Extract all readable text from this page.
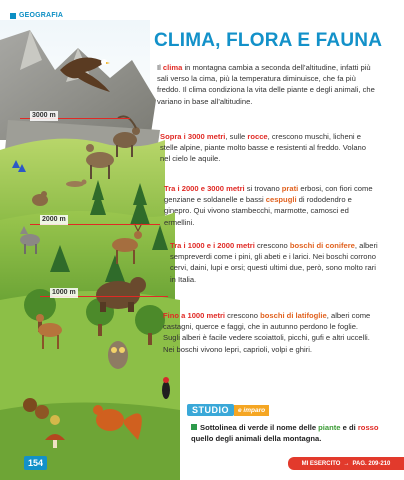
GEOGRAFIA
CLIMA, FLORA E FAUNA
3000 m
2000 m
1000 m
Il clima in montagna cambia a seconda dell’altitudine, infatti più sali verso la cima, più la temperatura diminuisce, che fa più freddo. Il clima condiziona la vita delle piante e degli animali, che variano in base all’altitudine.
Sopra i 3000 metri, sulle rocce, crescono muschi, licheni e stelle alpine, piante molto basse e resistenti al freddo. Volano nel cielo le aquile.
Tra i 2000 e 3000 metri si trovano prati erbosi, con fiori come genziane e soldanelle e bassi cespugli di rododendro e ginepro. Qui vivono stambecchi, marmotte, camosci ed ermellini.
Tra i 1000 e i 2000 metri crescono boschi di conifere, alberi sempreverdi come i pini, gli abeti e i larici. Nei boschi corrono cervi, daini, lupi e orsi; questi ultimi due, però, sono molto rari in Italia.
Fino a 1000 metri crescono boschi di latifoglie, alberi come castagni, querce e faggi, che in autunno perdono le foglie. Sugli alberi è facile vedere scoiattoli, picchi, gufi e altri uccelli. Nei boschi vivono lepri, caprioli, volpi e ghiri.
STUDIO	e imparo
Sottolinea di verde il nome delle piante e di rosso quello degli animali della montagna.
154	MI ESERCITO → PAG. 209-210
